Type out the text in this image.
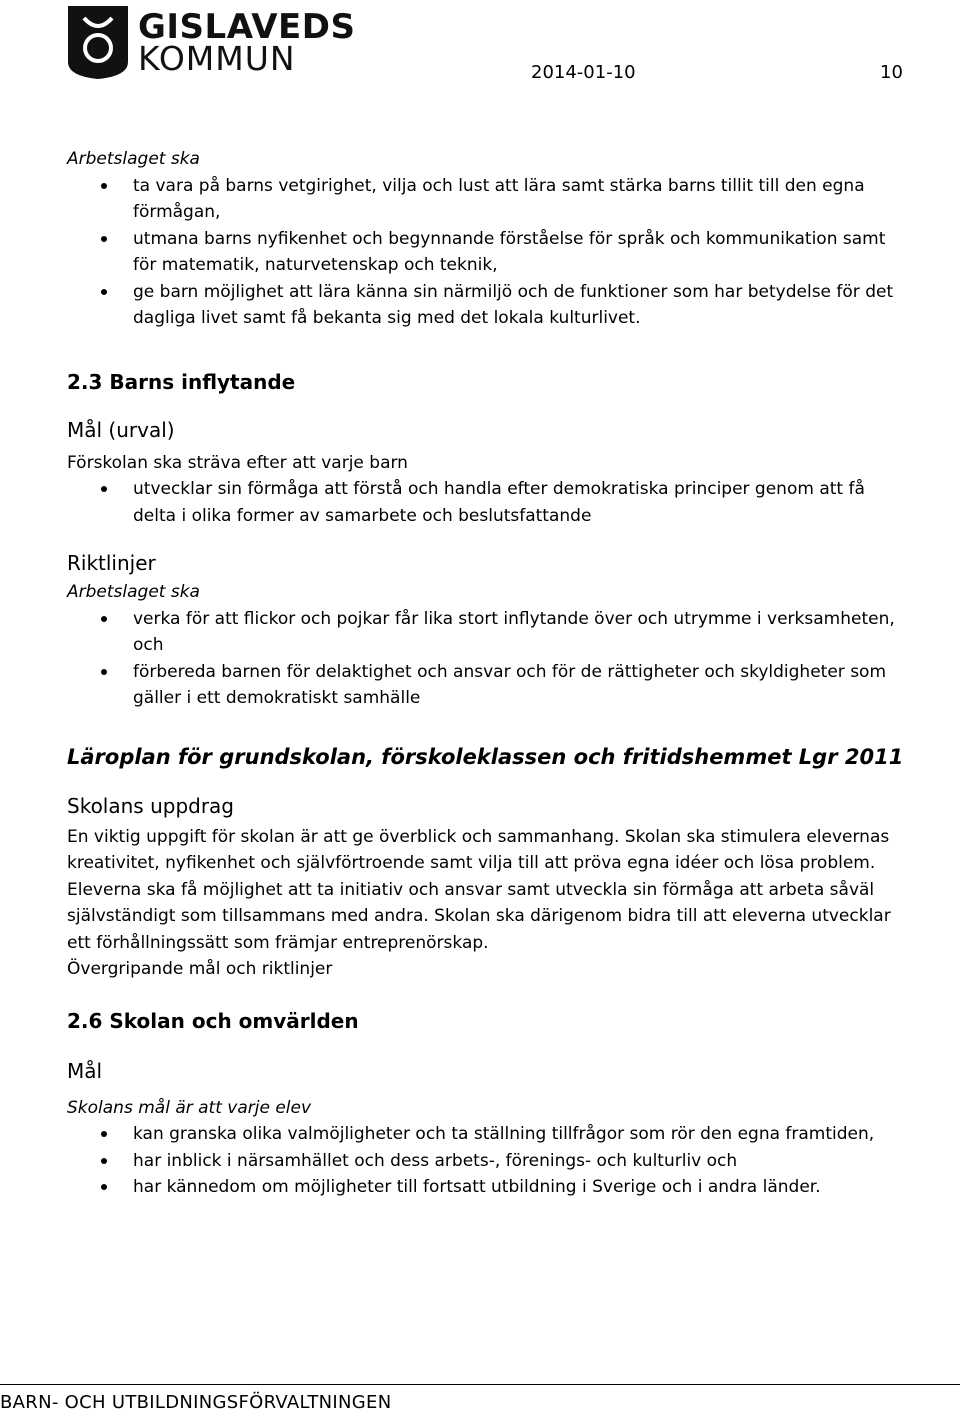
GISLAVEDS
KOMMUN	2014-01-10	10

Arbetslaget ska

ta vara på barns vetgirighet, vilja och lust att lära samt stärka barns tillit till den egna förmågan,
utmana barns nyfikenhet och begynnande förståelse för språk och kommunikation samt för matematik, naturvetenskap och teknik,
ge barn möjlighet att lära känna sin närmiljö och de funktioner som har betydelse för det dagliga livet samt få bekanta sig med det lokala kulturlivet.

2.3 Barns inflytande

Mål (urval)

Förskolan ska sträva efter att varje barn

utvecklar sin förmåga att förstå och handla efter demokratiska principer genom att få delta i olika former av samarbete och beslutsfattande

Riktlinjer

Arbetslaget ska

verka för att flickor och pojkar får lika stort inflytande över och utrymme i verksamheten, och
förbereda barnen för delaktighet och ansvar och för de rättigheter och skyldigheter som gäller i ett demokratiskt samhälle

Läroplan för grundskolan, förskoleklassen och fritidshemmet Lgr 2011

Skolans uppdrag

En viktig uppgift för skolan är att ge överblick och sammanhang. Skolan ska stimulera elevernas kreativitet, nyfikenhet och självförtroende samt vilja till att pröva egna idéer och lösa problem. Eleverna ska få möjlighet att ta initiativ och ansvar samt utveckla sin förmåga att arbeta såväl självständigt som tillsammans med andra. Skolan ska därigenom bidra till att eleverna utvecklar ett förhållningssätt som främjar entreprenörskap.

Övergripande mål och riktlinjer

2.6 Skolan och omvärlden

Mål

Skolans mål är att varje elev

kan granska olika valmöjligheter och ta ställning tillfrågor som rör den egna framtiden,
har inblick i närsamhället och dess arbets-, förenings- och kulturliv och
har kännedom om möjligheter till fortsatt utbildning i Sverige och i andra länder.
BARN- OCH UTBILDNINGSFÖRVALTNINGEN
